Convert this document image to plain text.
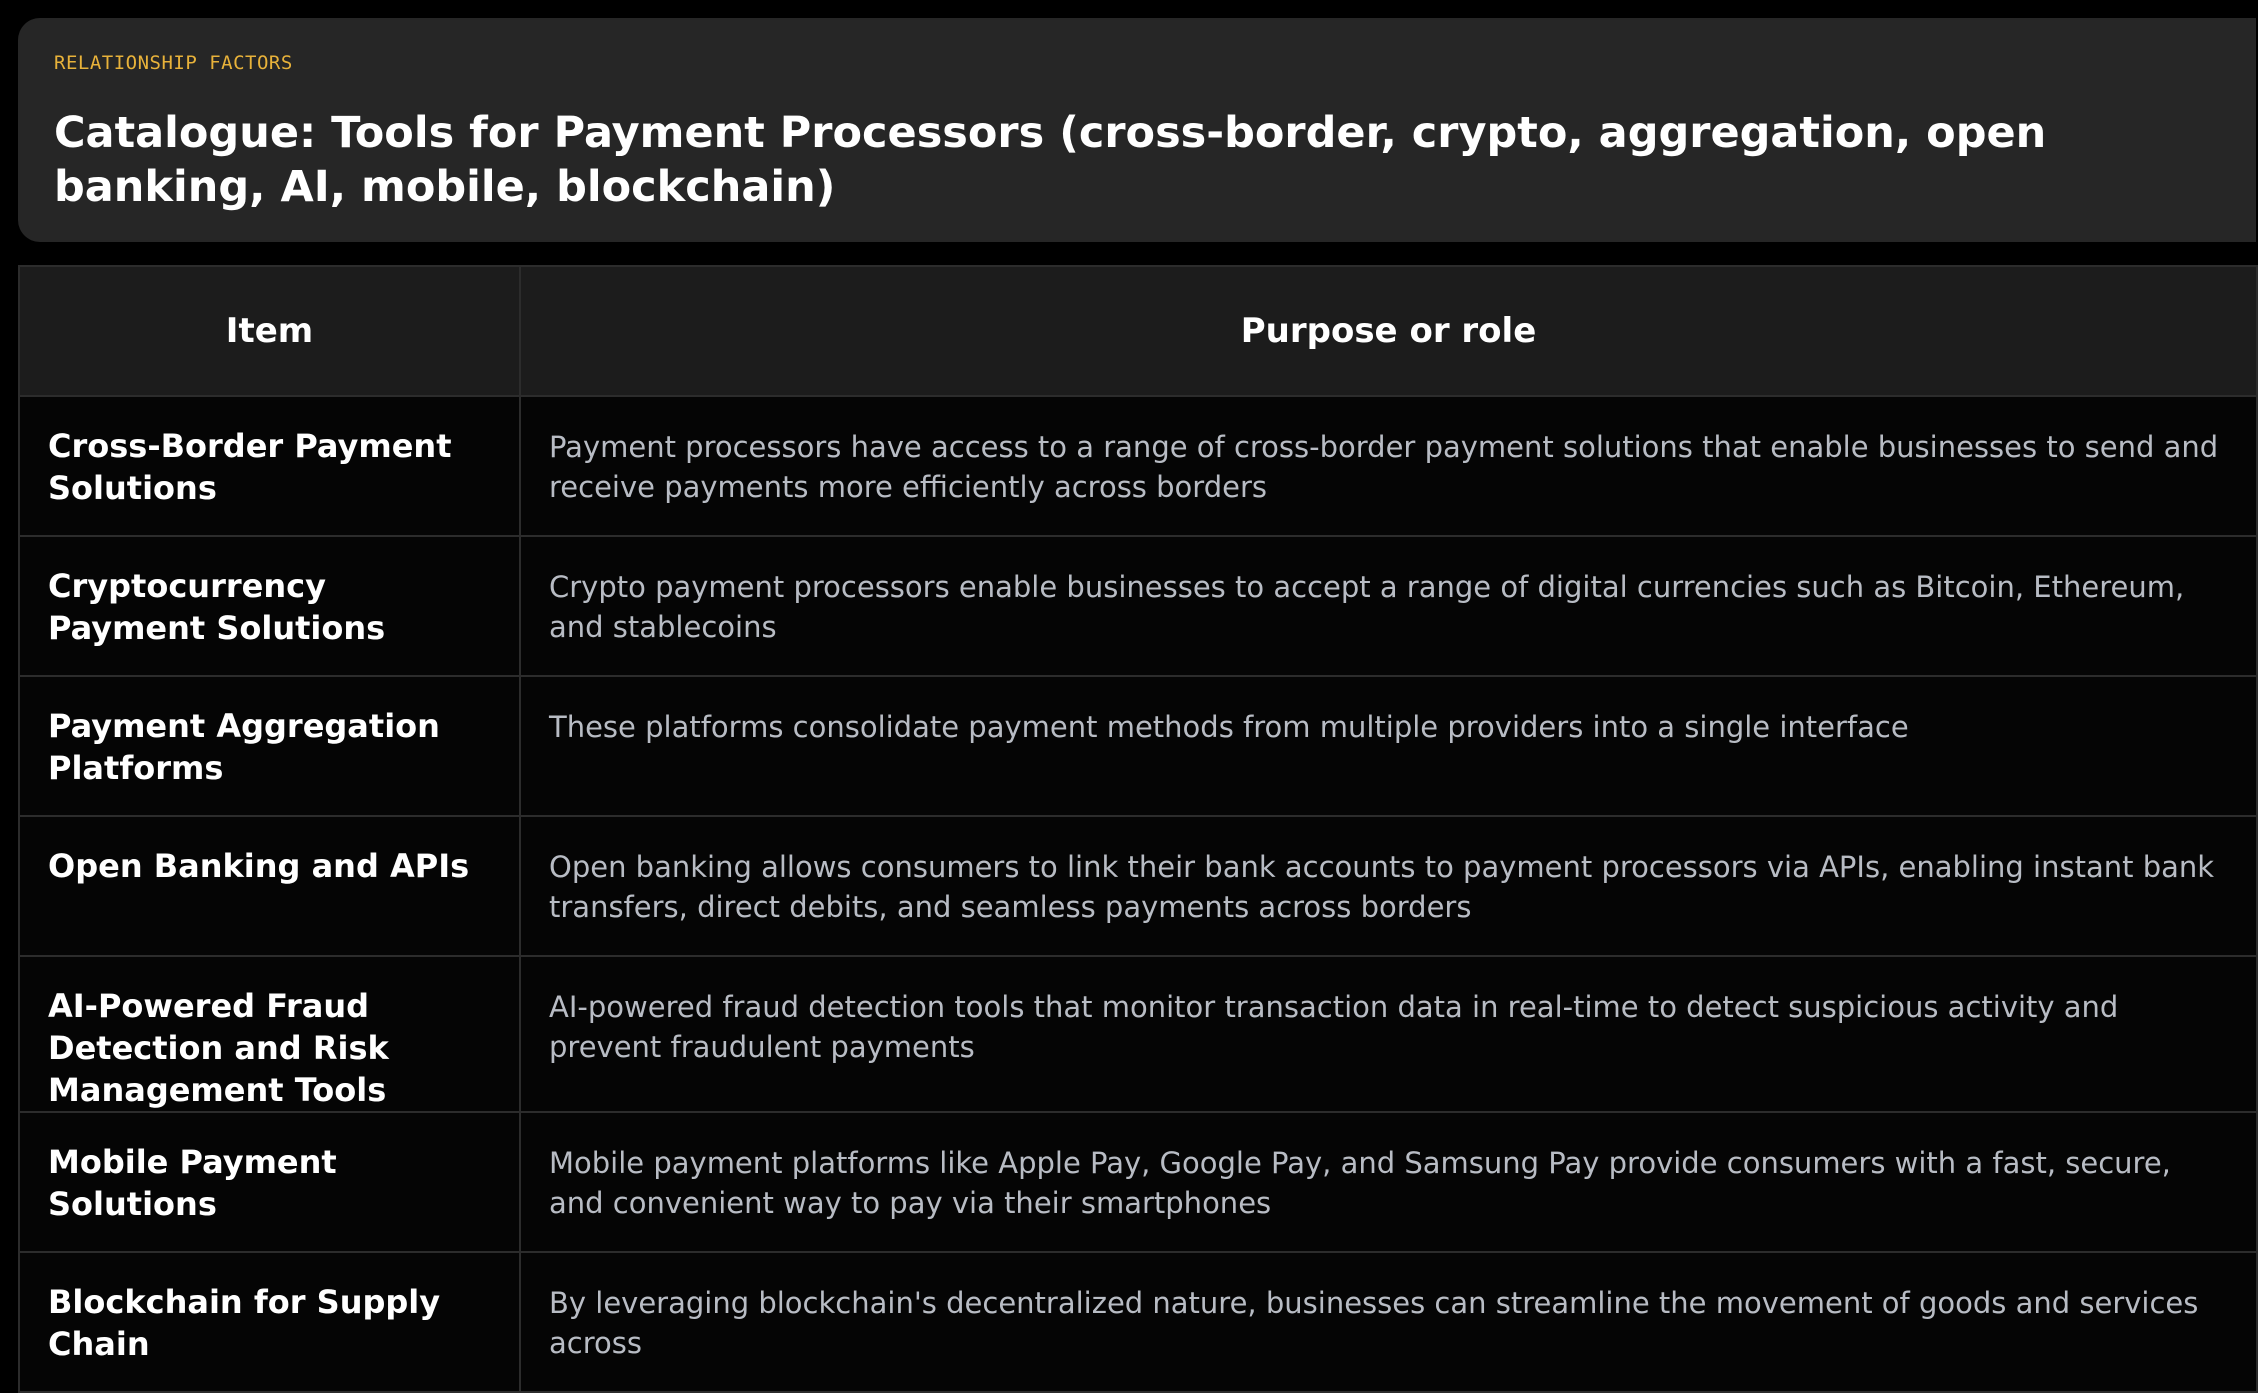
RELATIONSHIP FACTORS
Catalogue: Tools for Payment Processors (cross-border, crypto, aggregation, open banking, AI, mobile, blockchain)
Item	Purpose or role
Cross-Border Payment Solutions	Payment processors have access to a range of cross-border payment solutions that enable businesses to send and receive payments more efficiently across borders
Cryptocurrency Payment Solutions	Crypto payment processors enable businesses to accept a range of digital currencies such as Bitcoin, Ethereum, and stablecoins
Payment Aggregation Platforms	These platforms consolidate payment methods from multiple providers into a single interface
Open Banking and APIs	Open banking allows consumers to link their bank accounts to payment processors via APIs, enabling instant bank transfers, direct debits, and seamless payments across borders
AI-Powered Fraud Detection and Risk Management Tools	AI-powered fraud detection tools that monitor transaction data in real-time to detect suspicious activity and prevent fraudulent payments
Mobile Payment Solutions	Mobile payment platforms like Apple Pay, Google Pay, and Samsung Pay provide consumers with a fast, secure, and convenient way to pay via their smartphones
Blockchain for Supply Chain	By leveraging blockchain's decentralized nature, businesses can streamline the movement of goods and services across
